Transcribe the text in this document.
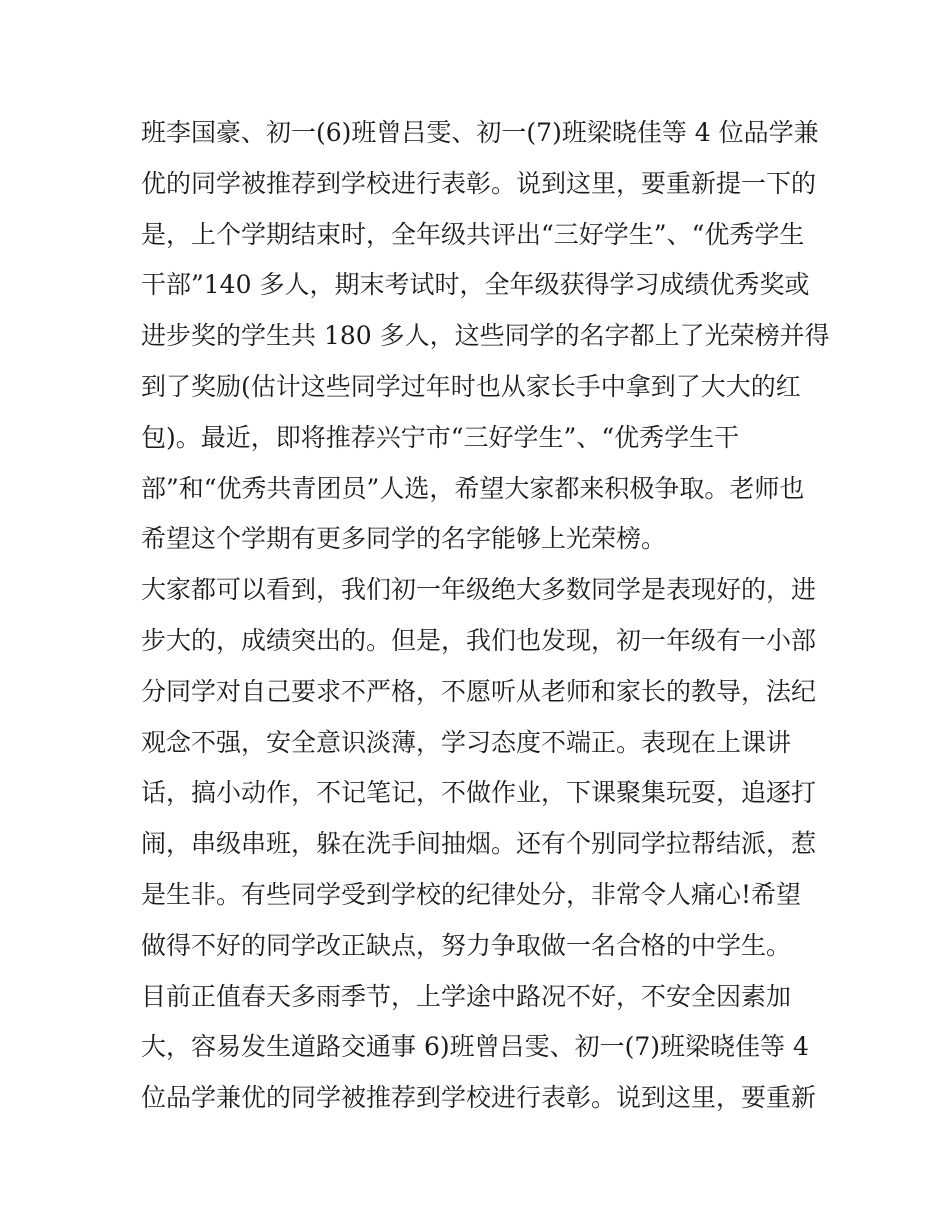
班李国豪、初一(6)班曾吕雯、初一(7)班梁晓佳等 4 位品学兼
优的同学被推荐到学校进行表彰。说到这里，要重新提一下的
是，上个学期结束时，全年级共评出“三好学生”、“优秀学生
干部”140 多人，期末考试时，全年级获得学习成绩优秀奖或
进步奖的学生共 180 多人，这些同学的名字都上了光荣榜并得
到了奖励(估计这些同学过年时也从家长手中拿到了大大的红
包)。最近，即将推荐兴宁市“三好学生”、“优秀学生干
部”和“优秀共青团员”人选，希望大家都来积极争取。老师也
希望这个学期有更多同学的名字能够上光荣榜。
大家都可以看到，我们初一年级绝大多数同学是表现好的，进
步大的，成绩突出的。但是，我们也发现，初一年级有一小部
分同学对自己要求不严格，不愿听从老师和家长的教导，法纪
观念不强，安全意识淡薄，学习态度不端正。表现在上课讲
话，搞小动作，不记笔记，不做作业，下课聚集玩耍，追逐打
闹，串级串班，躲在洗手间抽烟。还有个别同学拉帮结派，惹
是生非。有些同学受到学校的纪律处分，非常令人痛心!希望
做得不好的同学改正缺点，努力争取做一名合格的中学生。
目前正值春天多雨季节，上学途中路况不好，不安全因素加
大，容易发生道路交通事 6)班曾吕雯、初一(7)班梁晓佳等 4
位品学兼优的同学被推荐到学校进行表彰。说到这里，要重新
